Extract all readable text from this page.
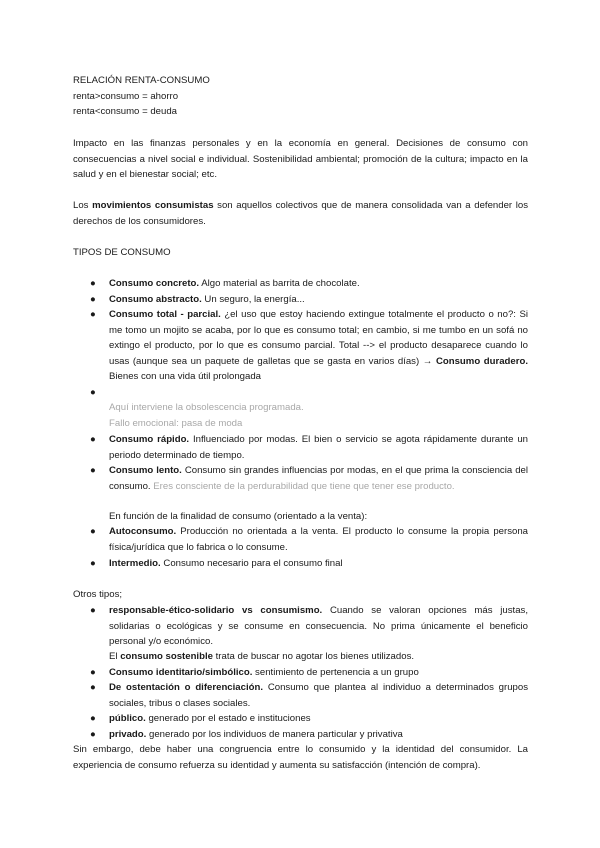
RELACIÓN RENTA-CONSUMO
renta>consumo = ahorro
renta<consumo = deuda
Impacto en las finanzas personales y en la economía en general. Decisiones de consumo con consecuencias a nivel social e individual. Sostenibilidad ambiental; promoción de la cultura; impacto en la salud y en el bienestar social; etc.
Los movimientos consumistas son aquellos colectivos que de manera consolidada van a defender los derechos de los consumidores.
TIPOS DE CONSUMO
● Consumo concreto. Algo material as barrita de chocolate.
● Consumo abstracto. Un seguro, la energía...
● Consumo total - parcial. ¿el uso que estoy haciendo extingue totalmente el producto o no?: Si me tomo un mojito se acaba, por lo que es consumo total; en cambio, si me tumbo en un sofá no extingo el producto, por lo que es consumo parcial. Total --> el producto desaparece cuando lo usas (aunque sea un paquete de galletas que se gasta en varios días) → Consumo duradero. Bienes con una vida útil prolongada
●
Aquí interviene la obsolescencia programada.
Fallo emocional: pasa de moda
● Consumo rápido. Influenciado por modas. El bien o servicio se agota rápidamente durante un periodo determinado de tiempo.
● Consumo lento. Consumo sin grandes influencias por modas, en el que prima la consciencia del consumo. Eres consciente de la perdurabilidad que tiene que tener ese producto.
En función de la finalidad de consumo (orientado a la venta):
● Autoconsumo. Producción no orientada a la venta. El producto lo consume la propia persona física/jurídica que lo fabrica o lo consume.
● Intermedio. Consumo necesario para el consumo final
Otros tipos;
● responsable-ético-solidario vs consumismo. Cuando se valoran opciones más justas, solidarias o ecológicas y se consume en consecuencia. No prima únicamente el beneficio personal y/o económico.
El consumo sostenible trata de buscar no agotar los bienes utilizados.
● Consumo identitario/simbólico. sentimiento de pertenencia a un grupo
● De ostentación o diferenciación. Consumo que plantea al individuo a determinados grupos sociales, tribus o clases sociales.
● público. generado por el estado e instituciones
● privado. generado por los individuos de manera particular y privativa
Sin embargo, debe haber una congruencia entre lo consumido y la identidad del consumidor. La experiencia de consumo refuerza su identidad y aumenta su satisfacción (intención de compra).
